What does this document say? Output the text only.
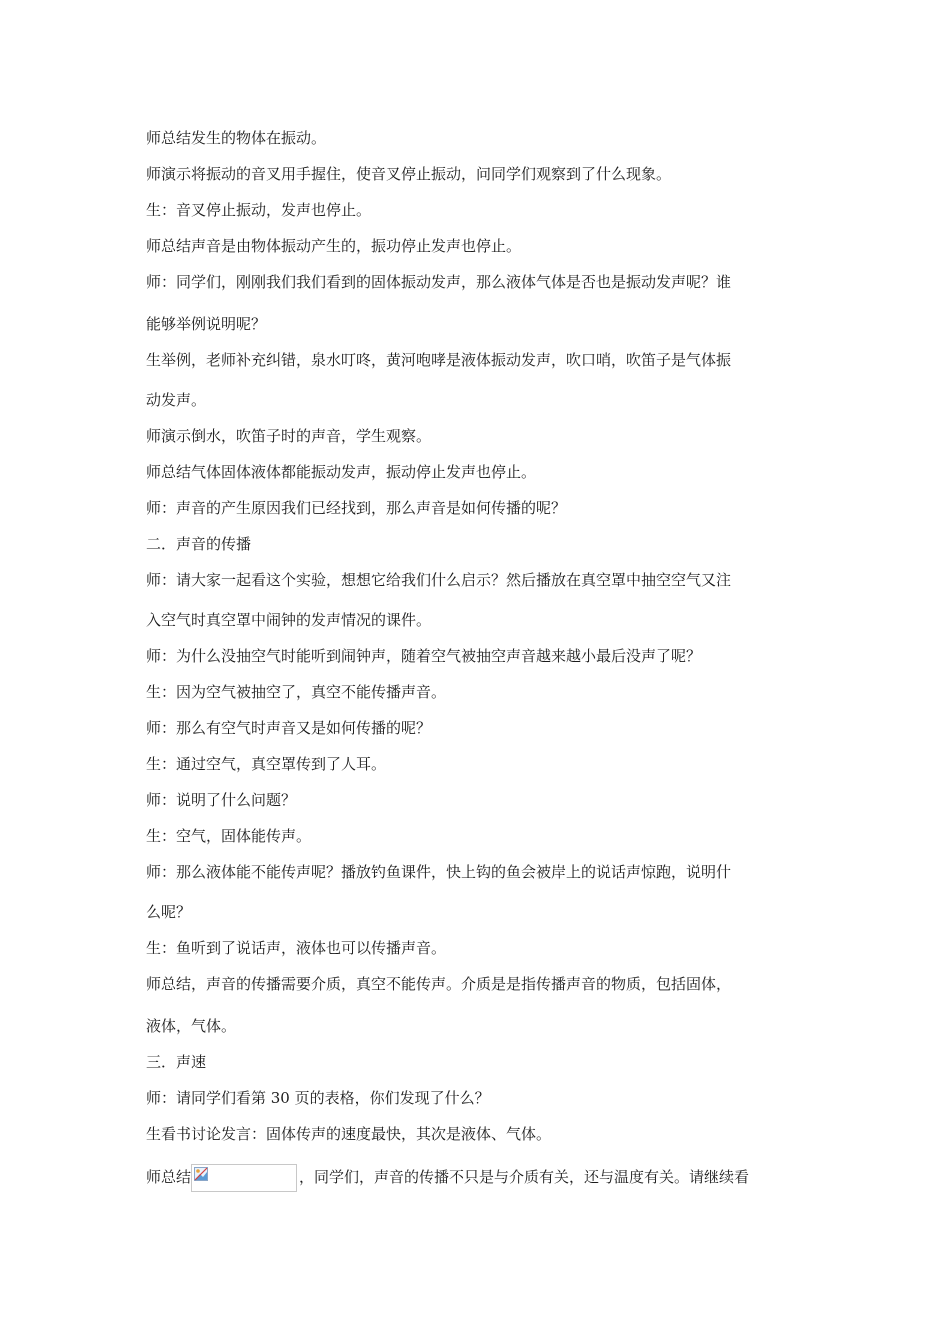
师总结发生的物体在振动。
师演示将振动的音叉用手握住，使音叉停止振动，问同学们观察到了什么现象。
生：音叉停止振动，发声也停止。
师总结声音是由物体振动产生的，振功停止发声也停止。
师：同学们，刚刚我们我们看到的固体振动发声，那么液体气体是否也是振动发声呢？谁
能够举例说明呢？
生举例，老师补充纠错，泉水叮咚，黄河咆哮是液体振动发声，吹口哨，吹笛子是气体振
动发声。
师演示倒水，吹笛子时的声音，学生观察。
师总结气体固体液体都能振动发声，振动停止发声也停止。
师：声音的产生原因我们已经找到，那么声音是如何传播的呢？
二．声音的传播
师：请大家一起看这个实验，想想它给我们什么启示？然后播放在真空罩中抽空空气又注
入空气时真空罩中闹钟的发声情况的课件。
师：为什么没抽空气时能听到闹钟声，随着空气被抽空声音越来越小最后没声了呢？
生：因为空气被抽空了，真空不能传播声音。
师：那么有空气时声音又是如何传播的呢？
生：通过空气，真空罩传到了人耳。
师：说明了什么问题？
生：空气，固体能传声。
师：那么液体能不能传声呢？播放钓鱼课件，快上钩的鱼会被岸上的说话声惊跑，说明什
么呢？
生：鱼听到了说话声，液体也可以传播声音。
师总结，声音的传播需要介质，真空不能传声。介质是是指传播声音的物质，包括固体，
液体，气体。
三．声速
师：请同学们看第 30 页的表格，你们发现了什么？
生看书讨论发言：固体传声的速度最快，其次是液体、气体。
师总结	，同学们，声音的传播不只是与介质有关，还与温度有关。请继续看
